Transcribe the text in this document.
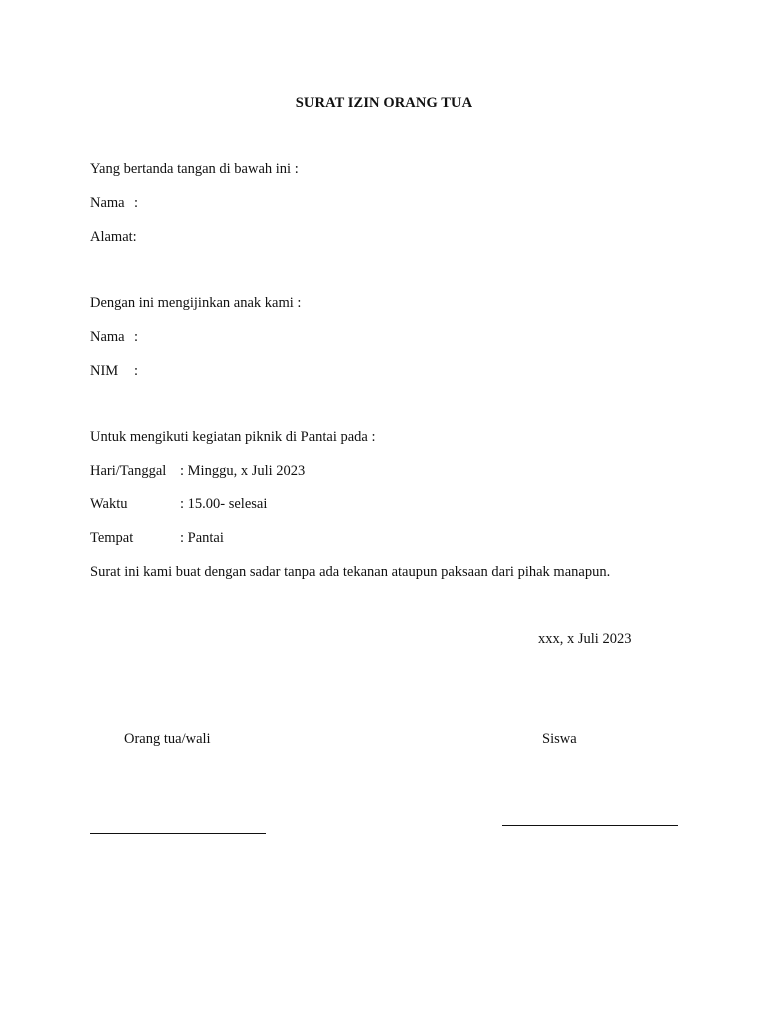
SURAT IZIN ORANG TUA
Yang bertanda tangan di bawah ini :
Nama :
Alamat:
Dengan ini mengijinkan anak kami :
Nama :
NIM :
Untuk mengikuti kegiatan piknik di Pantai pada :
Hari/Tanggal : Minggu, x Juli 2023
Waktu	: 15.00- selesai
Tempat	: Pantai
Surat ini kami buat dengan sadar tanpa ada tekanan ataupun paksaan dari pihak manapun.
xxx, x Juli 2023
Orang tua/wali	Siswa
